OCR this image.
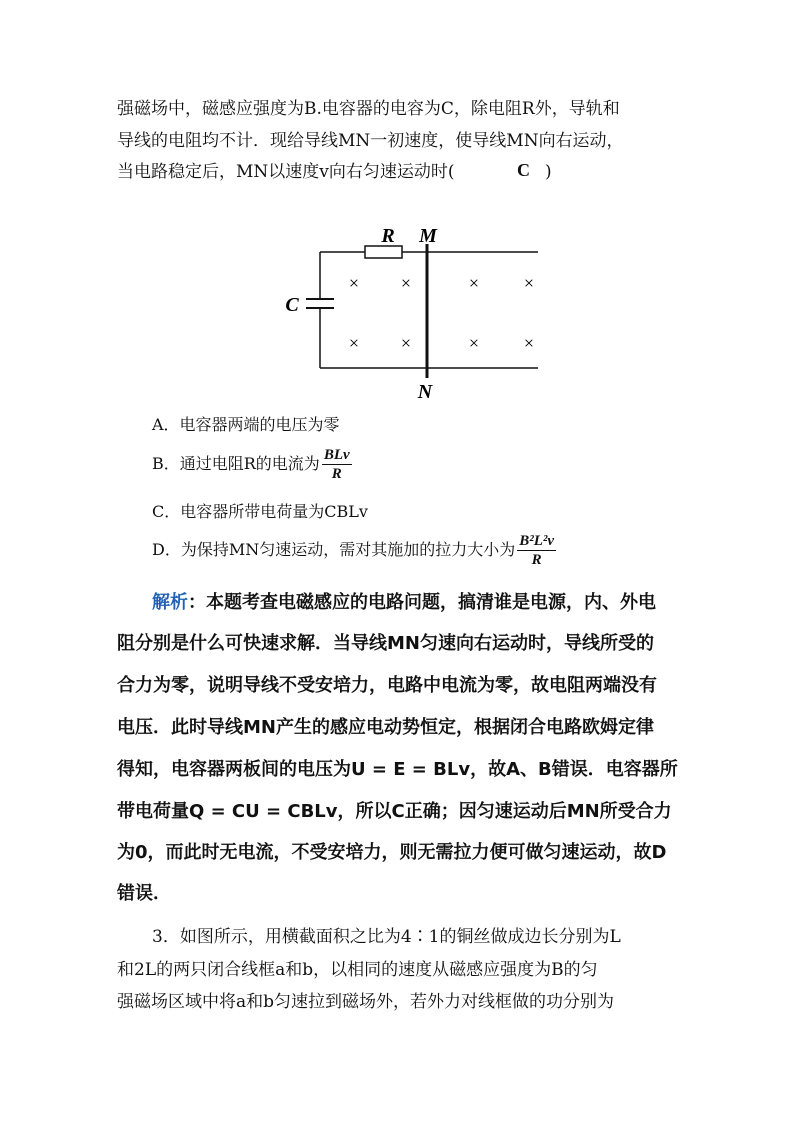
强磁场中，磁感应强度为B.电容器的电容为C，除电阻R外，导轨和
导线的电阻均不计．现给导线MN一初速度，使导线MN向右运动，
当电路稳定后，MN以速度v向右匀速运动时(	C )
R M
N
C
× ×	× ×
× ×	× ×
A．电容器两端的电压为零
B．通过电阻R的电流为 $\frac{\text{BLv}}{R}$
C．电容器所带电荷量为CBLv
D．为保持MN匀速运动，需对其施加的拉力大小为 $\frac{\text{B²L²v}}{R}$
解析：本题考查电磁感应的电路问题，搞清谁是电源，内、外电
阻分别是什么可快速求解．当导线MN匀速向右运动时，导线所受的
合力为零，说明导线不受安培力，电路中电流为零，故电阻两端没有
电压．此时导线MN产生的感应电动势恒定，根据闭合电路欧姆定律
得知，电容器两板间的电压为U = E = BLv，故A、B错误．电容器所
带电荷量Q = CU = CBLv，所以C正确；因匀速运动后MN所受合力
为0，而此时无电流，不受安培力，则无需拉力便可做匀速运动，故D
错误．
3．如图所示，用横截面积之比为4∶1的铜丝做成边长分别为L
和2L的两只闭合线框a和b，以相同的速度从磁感应强度为B的匀
强磁场区域中将a和b匀速拉到磁场外，若外力对线框做的功分别为
